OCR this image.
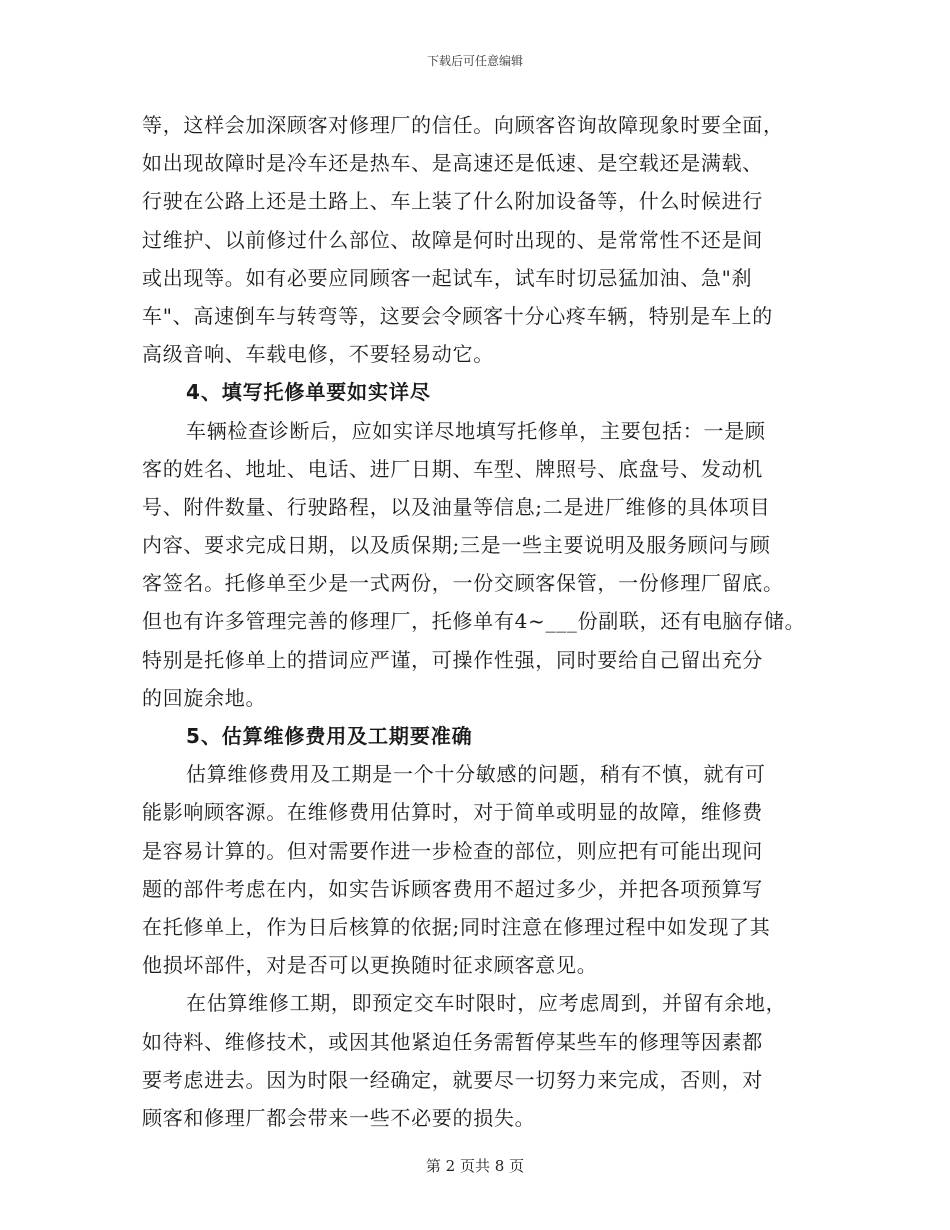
下载后可任意编辑
等，这样会加深顾客对修理厂的信任。向顾客咨询故障现象时要全面，
如出现故障时是冷车还是热车、是高速还是低速、是空载还是满载、
行驶在公路上还是土路上、车上装了什么附加设备等，什么时候进行
过维护、以前修过什么部位、故障是何时出现的、是常常性不还是间
或出现等。如有必要应同顾客一起试车，试车时切忌猛加油、急"刹
车"、高速倒车与转弯等，这要会令顾客十分心疼车辆，特别是车上的
高级音响、车载电修，不要轻易动它。
4、填写托修单要如实详尽
车辆检查诊断后，应如实详尽地填写托修单，主要包括：一是顾
客的姓名、地址、电话、进厂日期、车型、牌照号、底盘号、发动机
号、附件数量、行驶路程，以及油量等信息;二是进厂维修的具体项目
内容、要求完成日期，以及质保期;三是一些主要说明及服务顾问与顾
客签名。托修单至少是一式两份，一份交顾客保管，一份修理厂留底。
但也有许多管理完善的修理厂，托修单有4~___份副联，还有电脑存储。
特别是托修单上的措词应严谨，可操作性强，同时要给自己留出充分
的回旋余地。
5、估算维修费用及工期要准确
估算维修费用及工期是一个十分敏感的问题，稍有不慎，就有可
能影响顾客源。在维修费用估算时，对于简单或明显的故障，维修费
是容易计算的。但对需要作进一步检查的部位，则应把有可能出现问
题的部件考虑在内，如实告诉顾客费用不超过多少，并把各项预算写
在托修单上，作为日后核算的依据;同时注意在修理过程中如发现了其
他损坏部件，对是否可以更换随时征求顾客意见。
在估算维修工期，即预定交车时限时，应考虑周到，并留有余地，
如待料、维修技术，或因其他紧迫任务需暂停某些车的修理等因素都
要考虑进去。因为时限一经确定，就要尽一切努力来完成，否则，对
顾客和修理厂都会带来一些不必要的损失。
第 2 页共 8 页
